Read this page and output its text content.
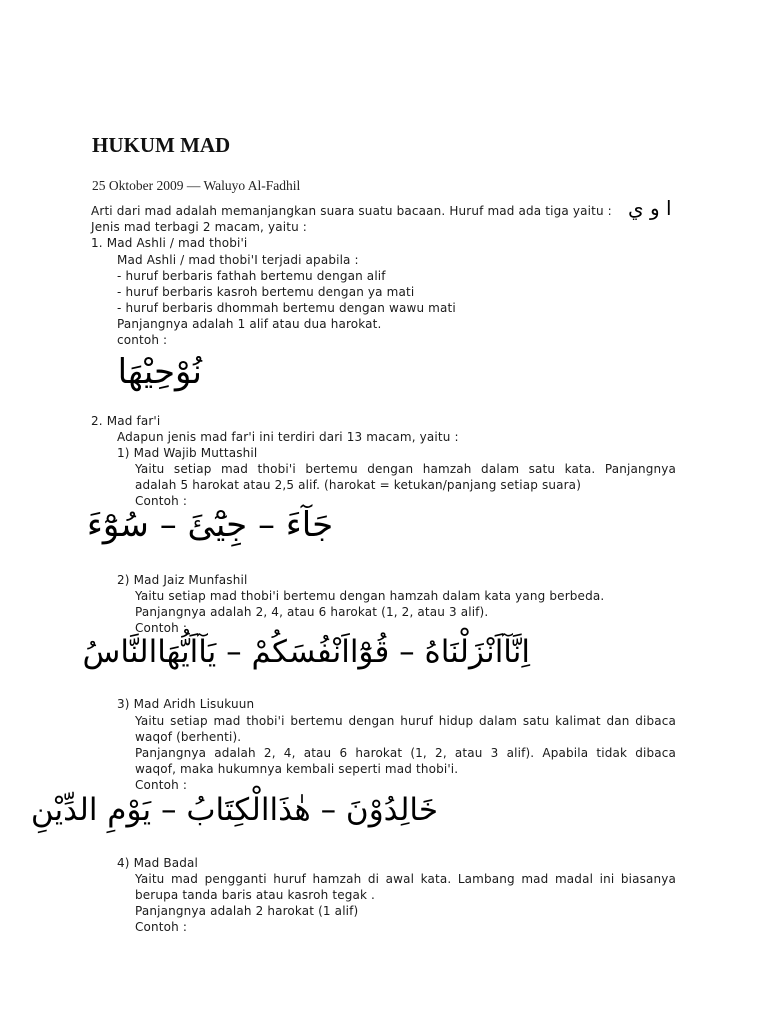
HUKUM MAD
25 Oktober 2009 — Waluyo Al-Fadhil
Arti dari mad adalah memanjangkan suara suatu bacaan. Huruf mad ada tiga yaitu : ا و ي
Jenis mad terbagi 2 macam, yaitu :
1. Mad Ashli / mad thobi'i
Mad Ashli / mad thobi'I terjadi apabila :
- huruf berbaris fathah bertemu dengan alif
- huruf berbaris kasroh bertemu dengan ya mati
- huruf berbaris dhommah bertemu dengan wawu mati
Panjangnya adalah 1 alif atau dua harokat.
contoh :
نُوْحِيْهَا
2. Mad far'i
Adapun jenis mad far'i ini terdiri dari 13 macam, yaitu :
1) Mad Wajib Muttashil
Yaitu setiap mad thobi'i bertemu dengan hamzah dalam satu kata. Panjangnya
adalah 5 harokat atau 2,5 alif. (harokat = ketukan/panjang setiap suara)
Contoh :
جَآءَ – جِيْٓئَ – سُوْٓءَ
2) Mad Jaiz Munfashil
Yaitu setiap mad thobi'i bertemu dengan hamzah dalam kata yang berbeda.
Panjangnya adalah 2, 4, atau 6 harokat (1, 2, atau 3 alif).
Contoh :
اِنَّآاَنْزَلْنَاهُ – قُوْٓااَنْفُسَكُمْ – يَآاَيُّهَاالنَّاسُ
3) Mad Aridh Lisukuun
Yaitu setiap mad thobi'i bertemu dengan huruf hidup dalam satu kalimat dan dibaca
waqof (berhenti).
Panjangnya adalah 2, 4, atau 6 harokat (1, 2, atau 3 alif). Apabila tidak dibaca
waqof, maka hukumnya kembali seperti mad thobi'i.
Contoh :
خَالِدُوْنَ – هٰذَاالْكِتَابُ – يَوْمِ الدِّيْنِ
4) Mad Badal
Yaitu mad pengganti huruf hamzah di awal kata. Lambang mad madal ini biasanya
berupa tanda baris atau kasroh tegak .
Panjangnya adalah 2 harokat (1 alif)
Contoh :
